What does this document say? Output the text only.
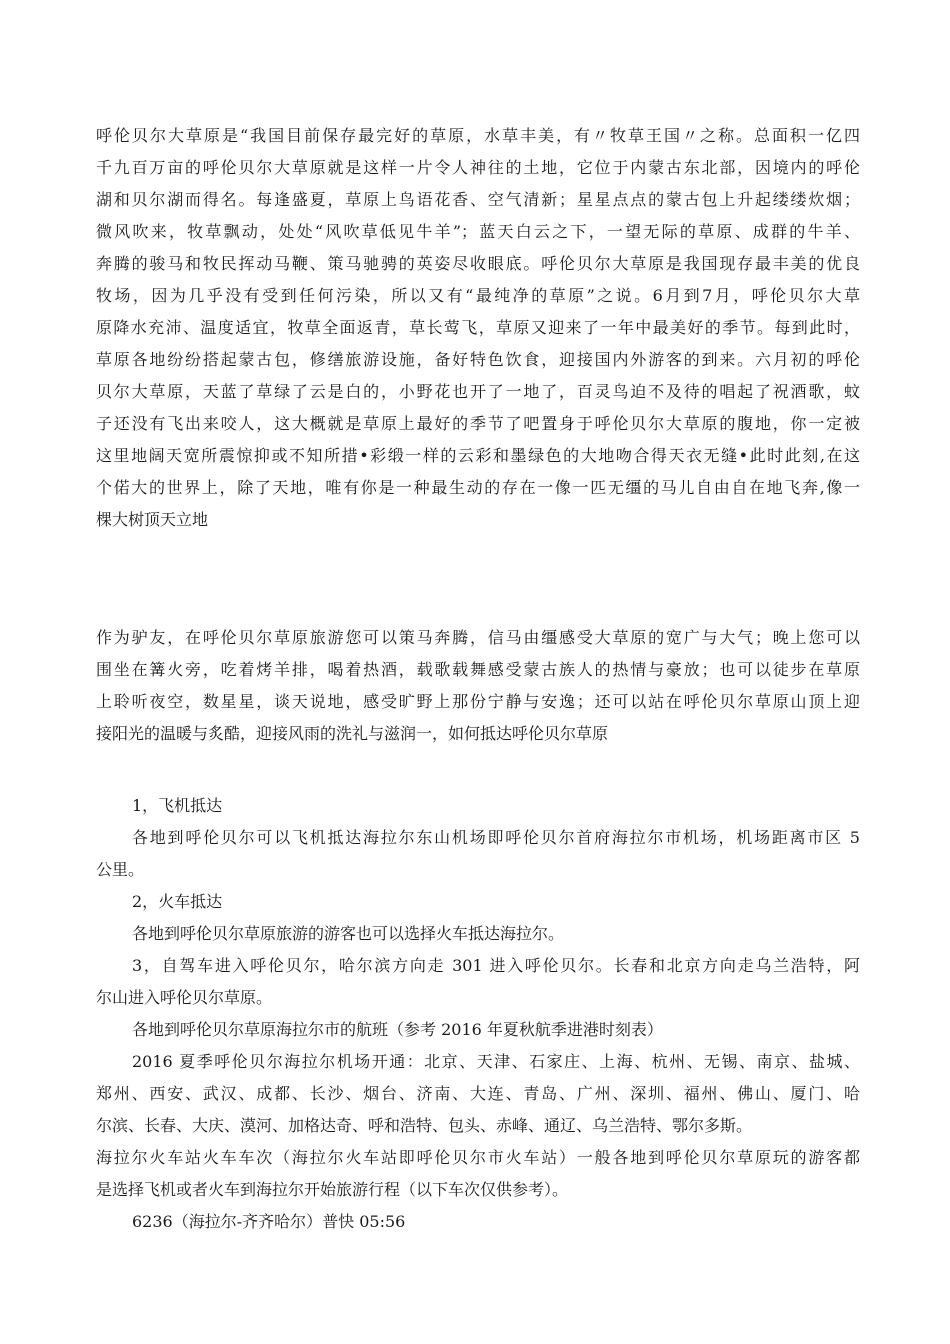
呼伦贝尔大草原是“我国目前保存最完好的草原，水草丰美，有〃牧草王国〃之称。总面积一亿四
千九百万亩的呼伦贝尔大草原就是这样一片令人神往的土地，它位于内蒙古东北部，因境内的呼伦
湖和贝尔湖而得名。每逢盛夏，草原上鸟语花香、空气清新；星星点点的蒙古包上升起缕缕炊烟；
微风吹来，牧草飘动，处处“风吹草低见牛羊”；蓝天白云之下，一望无际的草原、成群的牛羊、
奔腾的骏马和牧民挥动马鞭、策马驰骋的英姿尽收眼底。呼伦贝尔大草原是我国现存最丰美的优良
牧场，因为几乎没有受到任何污染，所以又有“最纯净的草原”之说。6月到7月，呼伦贝尔大草
原降水充沛、温度适宜，牧草全面返青，草长莺飞，草原又迎来了一年中最美好的季节。每到此时，
草原各地纷纷搭起蒙古包，修缮旅游设施，备好特色饮食，迎接国内外游客的到来。六月初的呼伦
贝尔大草原，天蓝了草绿了云是白的，小野花也开了一地了，百灵鸟迫不及待的唱起了祝酒歌，蚊
子还没有飞出来咬人，这大概就是草原上最好的季节了吧置身于呼伦贝尔大草原的腹地，你一定被
这里地阔天宽所震惊抑或不知所措•彩缎一样的云彩和墨绿色的大地吻合得天衣无缝•此时此刻,在这
个偌大的世界上，除了天地，唯有你是一种最生动的存在一像一匹无缰的马儿自由自在地飞奔,像一
棵大树顶天立地
作为驴友，在呼伦贝尔草原旅游您可以策马奔腾，信马由缰感受大草原的宽广与大气；晚上您可以
围坐在篝火旁，吃着烤羊排，喝着热酒，载歌载舞感受蒙古族人的热情与豪放；也可以徒步在草原
上聆听夜空，数星星，谈天说地，感受旷野上那份宁静与安逸；还可以站在呼伦贝尔草原山顶上迎
接阳光的温暖与炙酷，迎接风雨的洗礼与滋润一，如何抵达呼伦贝尔草原
1，飞机抵达
各地到呼伦贝尔可以飞机抵达海拉尔东山机场即呼伦贝尔首府海拉尔市机场，机场距离市区 5
公里。
2，火车抵达
各地到呼伦贝尔草原旅游的游客也可以选择火车抵达海拉尔。
3，自驾车进入呼伦贝尔，哈尔滨方向走 301 进入呼伦贝尔。长春和北京方向走乌兰浩特，阿
尔山进入呼伦贝尔草原。
各地到呼伦贝尔草原海拉尔市的航班（参考 2016 年夏秋航季进港时刻表）
2016 夏季呼伦贝尔海拉尔机场开通：北京、天津、石家庄、上海、杭州、无锡、南京、盐城、
郑州、西安、武汉、成都、长沙、烟台、济南、大连、青岛、广州、深圳、福州、佛山、厦门、哈
尔滨、长春、大庆、漠河、加格达奇、呼和浩特、包头、赤峰、通辽、乌兰浩特、鄂尔多斯。
海拉尔火车站火车车次（海拉尔火车站即呼伦贝尔市火车站）一般各地到呼伦贝尔草原玩的游客都
是选择飞机或者火车到海拉尔开始旅游行程（以下车次仅供参考）。
6236（海拉尔-齐齐哈尔）普快 05:56
